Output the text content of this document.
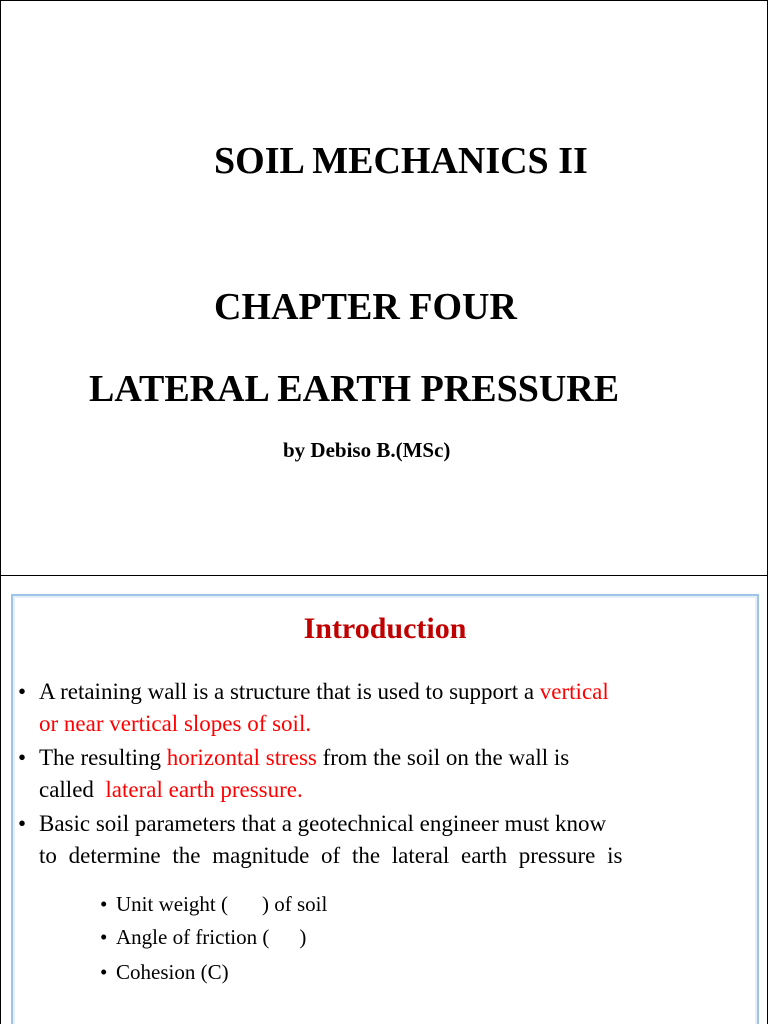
SOIL MECHANICS II
CHAPTER FOUR
LATERAL EARTH PRESSURE
by Debiso B.(MSc)
Introduction
• A retaining wall is a structure that is used to support a vertical
or near vertical slopes of soil.
• The resulting horizontal stress from the soil on the wall is
called  lateral earth pressure.
• Basic soil parameters that a geotechnical engineer must know
to determine the magnitude of the lateral earth pressure is
• Unit weight ( ) of soil
• Angle of friction ( )
• Cohesion (C)
